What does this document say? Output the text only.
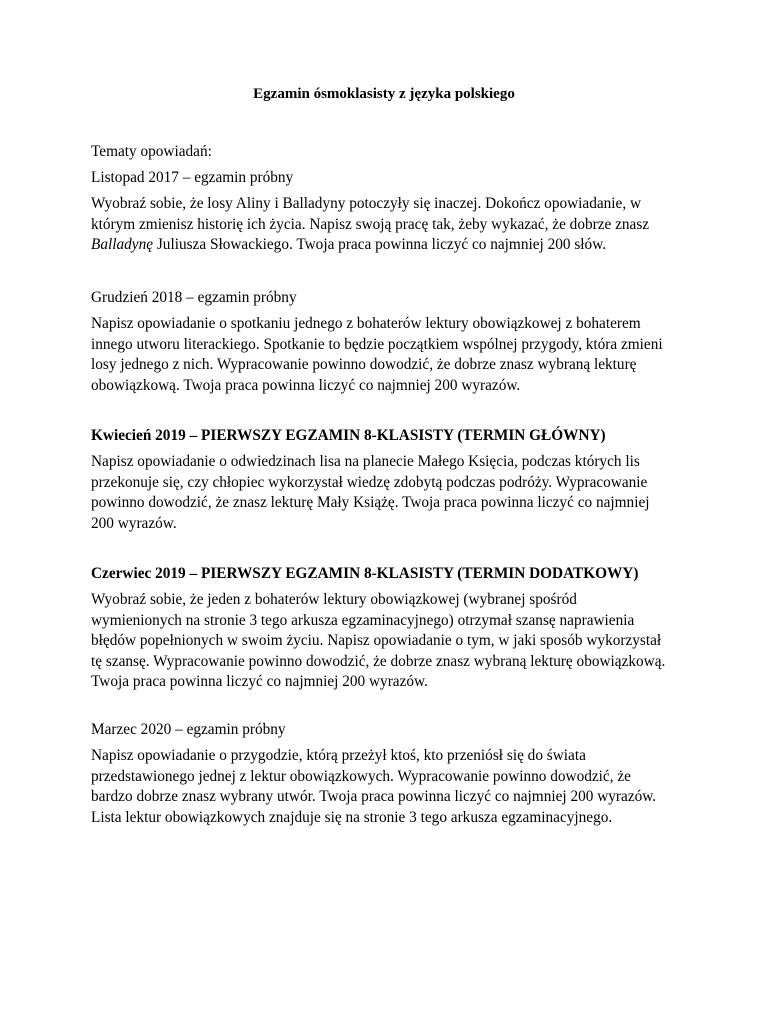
Egzamin ósmoklasisty z języka polskiego
Tematy opowiadań:
Listopad 2017 – egzamin próbny
Wyobraź sobie, że losy Aliny i Balladyny potoczyły się inaczej. Dokończ opowiadanie, w
którym zmienisz historię ich życia. Napisz swoją pracę tak, żeby wykazać, że dobrze znasz
Balladynę Juliusza Słowackiego. Twoja praca powinna liczyć co najmniej 200 słów.
Grudzień 2018 – egzamin próbny
Napisz opowiadanie o spotkaniu jednego z bohaterów lektury obowiązkowej z bohaterem
innego utworu literackiego. Spotkanie to będzie początkiem wspólnej przygody, która zmieni
losy jednego z nich. Wypracowanie powinno dowodzić, że dobrze znasz wybraną lekturę
obowiązkową. Twoja praca powinna liczyć co najmniej 200 wyrazów.
Kwiecień 2019 – PIERWSZY EGZAMIN 8-KLASISTY (TERMIN GŁÓWNY)
Napisz opowiadanie o odwiedzinach lisa na planecie Małego Księcia, podczas których lis
przekonuje się, czy chłopiec wykorzystał wiedzę zdobytą podczas podróży. Wypracowanie
powinno dowodzić, że znasz lekturę Mały Książę. Twoja praca powinna liczyć co najmniej
200 wyrazów.
Czerwiec 2019 – PIERWSZY EGZAMIN 8-KLASISTY (TERMIN DODATKOWY)
Wyobraź sobie, że jeden z bohaterów lektury obowiązkowej (wybranej spośród
wymienionych na stronie 3 tego arkusza egzaminacyjnego) otrzymał szansę naprawienia
błędów popełnionych w swoim życiu. Napisz opowiadanie o tym, w jaki sposób wykorzystał
tę szansę. Wypracowanie powinno dowodzić, że dobrze znasz wybraną lekturę obowiązkową.
Twoja praca powinna liczyć co najmniej 200 wyrazów.
Marzec 2020 – egzamin próbny
Napisz opowiadanie o przygodzie, którą przeżył ktoś, kto przeniósł się do świata
przedstawionego jednej z lektur obowiązkowych. Wypracowanie powinno dowodzić, że
bardzo dobrze znasz wybrany utwór. Twoja praca powinna liczyć co najmniej 200 wyrazów.
Lista lektur obowiązkowych znajduje się na stronie 3 tego arkusza egzaminacyjnego.
